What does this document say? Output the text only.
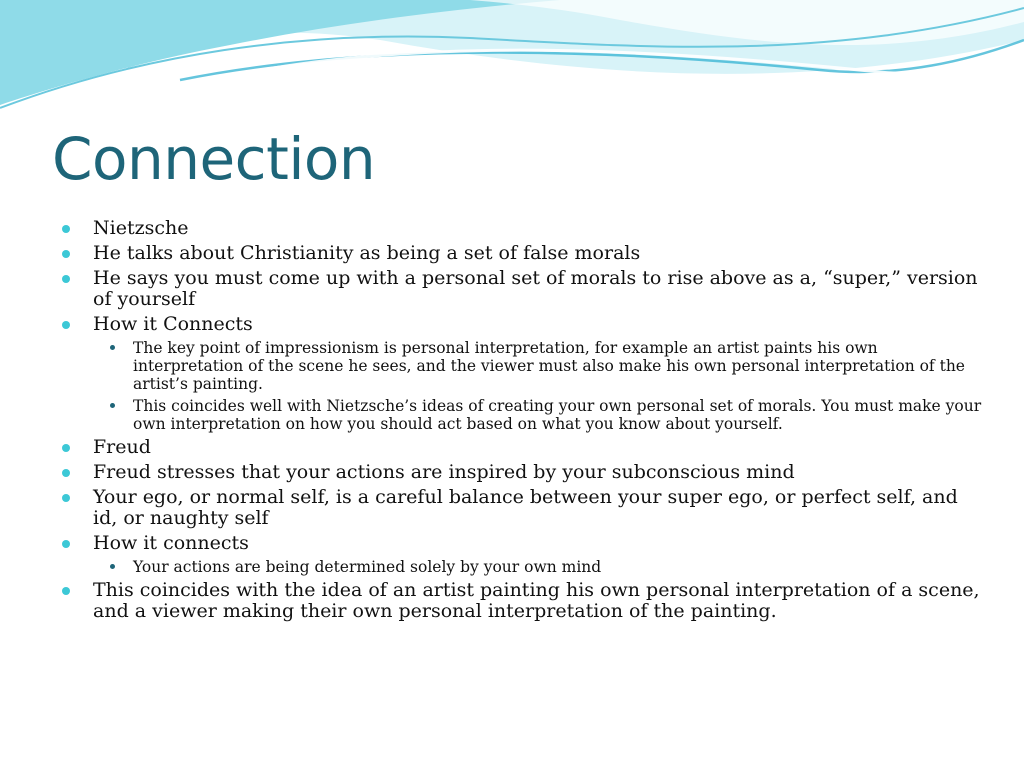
Connection
Nietzsche
He talks about Christianity as being a set of false morals
He says you must come up with a personal set of morals to rise above as a, “super,” version of yourself
How it Connects
The key point of impressionism is personal interpretation, for example an artist paints his own interpretation of the scene he sees, and the viewer must also make his own personal interpretation of the artist’s painting.
This coincides well with Nietzsche’s ideas of creating your own personal set of morals. You must make your own interpretation on how you should act based on what you know about yourself.
Freud
Freud stresses that your actions are inspired by your subconscious mind
Your ego, or normal self, is a careful balance between your super ego, or perfect self, and id, or naughty self
How it connects
Your actions are being determined solely by your own mind
This coincides with the idea of an artist painting his own personal interpretation of a scene, and a viewer making their own personal interpretation of the painting.
